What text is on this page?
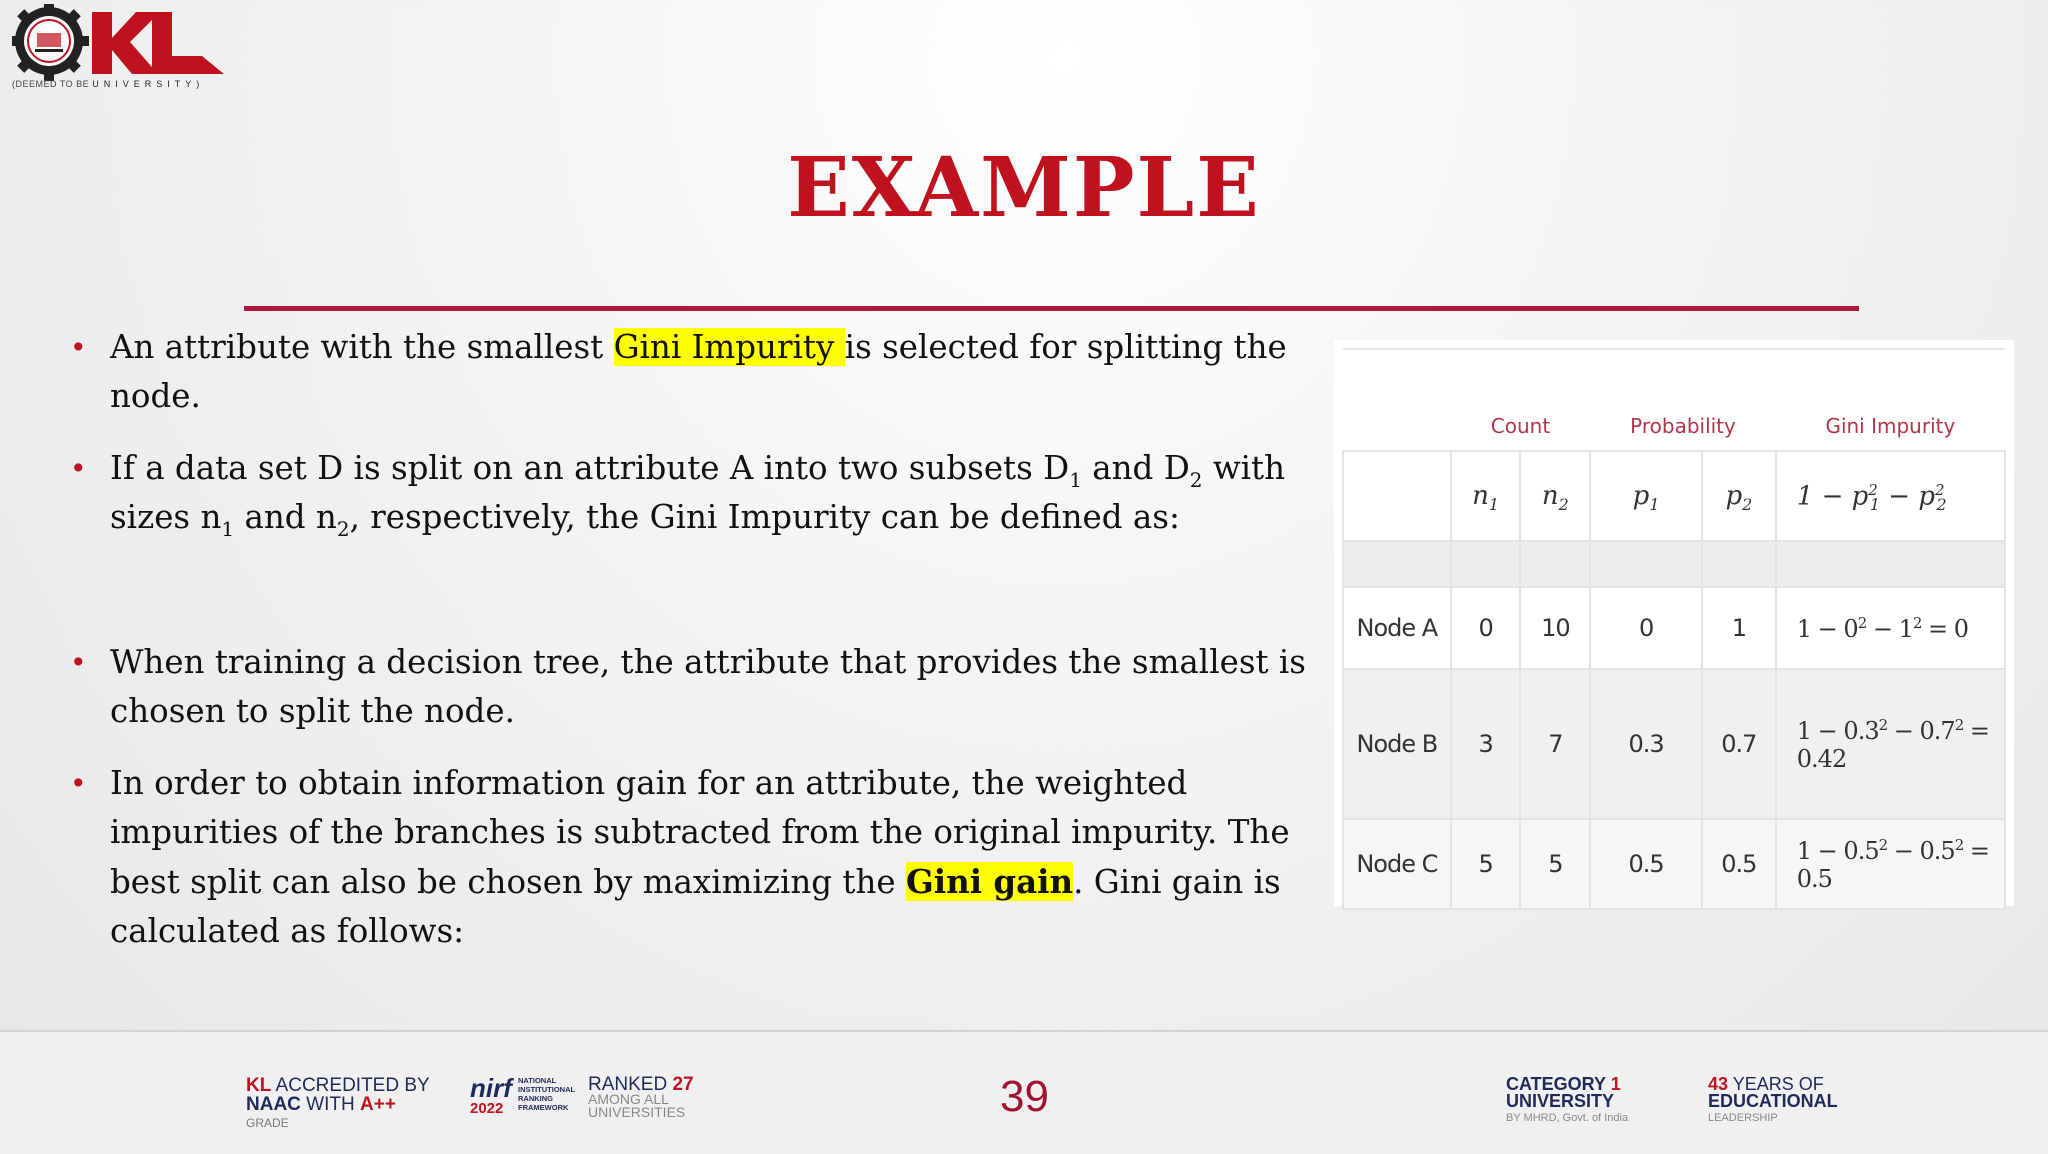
(DEEMED TO BE UNIVERSITY)
EXAMPLE
• An attribute with the smallest Gini Impurity is selected for splitting the node.
• If a data set D is split on an attribute A into two subsets $D_1$ and $D_2$ with sizes $n_1$ and $n_2$, respectively, the Gini Impurity can be defined as:
• When training a decision tree, the attribute that provides the smallest is chosen to split the node.
• In order to obtain information gain for an attribute, the weighted impurities of the branches is subtracted from the original impurity. The best split can also be chosen by maximizing the Gini gain. Gini gain is calculated as follows:
	Count		Probability		Gini Impurity
	$n_1$	$n_2$	$p_1$	$p_2$	$1 - p^2_1 - p^2_2$

Node A	0	10	0	1	$1 - 0^2 - 1^2 = 0$
Node B	3	7	0.3	0.7	$1 - 0.3^2 - 0.7^2 = 0.42$
Node C	5	5	0.5	0.5	$1 - 0.5^2 - 0.5^2 = 0.5$
KL ACCREDITED BY
NAAC WITH A++
GRADE
nirf
2022
NATIONAL INSTITUTIONAL RANKING FRAMEWORK
RANKED 27
AMONG ALL
UNIVERSITIES	39	CATEGORY 1
UNIVERSITY
BY MHRD, Govt. of India
43 YEARS OF
EDUCATIONAL
LEADERSHIP
